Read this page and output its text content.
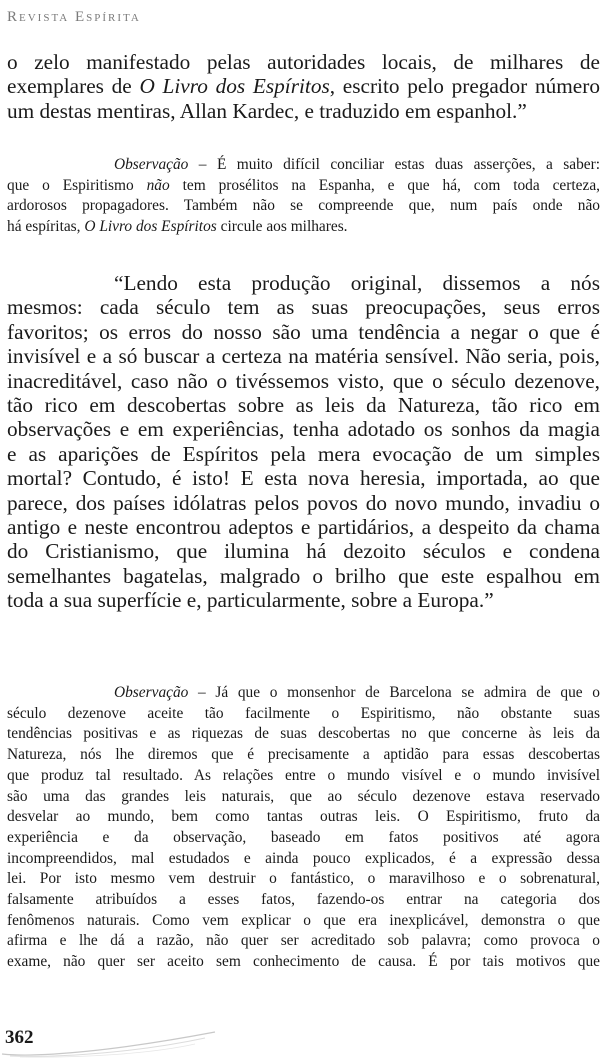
Revista Espírita
o zelo manifestado pelas autoridades locais, de milhares de
exemplares de O Livro dos Espíritos, escrito pelo pregador número
um destas mentiras, Allan Kardec, e traduzido em espanhol.”
Observação – É muito difícil conciliar estas duas asserções, a saber:
que o Espiritismo não tem prosélitos na Espanha, e que há, com toda certeza,
ardorosos propagadores. Também não se compreende que, num país onde não
há espíritas, O Livro dos Espíritos circule aos milhares.
“Lendo esta produção original, dissemos a nós
mesmos: cada século tem as suas preocupações, seus erros
favoritos; os erros do nosso são uma tendência a negar o que é
invisível e a só buscar a certeza na matéria sensível. Não seria, pois,
inacreditável, caso não o tivéssemos visto, que o século dezenove,
tão rico em descobertas sobre as leis da Natureza, tão rico em
observações e em experiências, tenha adotado os sonhos da magia
e as aparições de Espíritos pela mera evocação de um simples
mortal? Contudo, é isto! E esta nova heresia, importada, ao que
parece, dos países idólatras pelos povos do novo mundo, invadiu o
antigo e neste encontrou adeptos e partidários, a despeito da chama
do Cristianismo, que ilumina há dezoito séculos e condena
semelhantes bagatelas, malgrado o brilho que este espalhou em
toda a sua superfície e, particularmente, sobre a Europa.”
Observação – Já que o monsenhor de Barcelona se admira de que o
século dezenove aceite tão facilmente o Espiritismo, não obstante suas
tendências positivas e as riquezas de suas descobertas no que concerne às leis da
Natureza, nós lhe diremos que é precisamente a aptidão para essas descobertas
que produz tal resultado. As relações entre o mundo visível e o mundo invisível
são uma das grandes leis naturais, que ao século dezenove estava reservado
desvelar ao mundo, bem como tantas outras leis. O Espiritismo, fruto da
experiência e da observação, baseado em fatos positivos até agora
incompreendidos, mal estudados e ainda pouco explicados, é a expressão dessa
lei. Por isto mesmo vem destruir o fantástico, o maravilhoso e o sobrenatural,
falsamente atribuídos a esses fatos, fazendo-os entrar na categoria dos
fenômenos naturais. Como vem explicar o que era inexplicável, demonstra o que
afirma e lhe dá a razão, não quer ser acreditado sob palavra; como provoca o
exame, não quer ser aceito sem conhecimento de causa. É por tais motivos que
362
